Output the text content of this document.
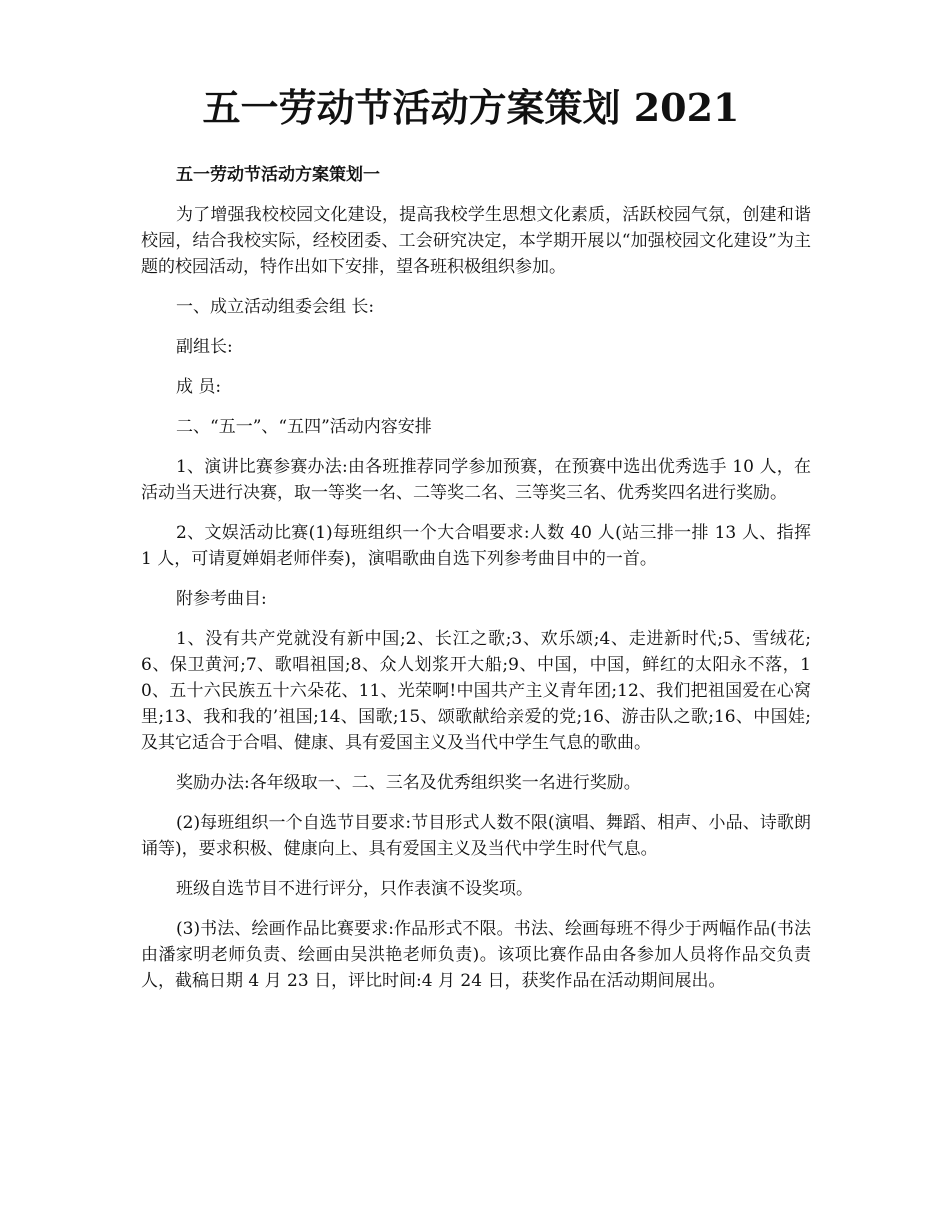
五一劳动节活动方案策划 2021

五一劳动节活动方案策划一

为了增强我校校园文化建设，提高我校学生思想文化素质，活跃校园气氛，创建和谐校园，结合我校实际，经校团委、工会研究决定，本学期开展以“加强校园文化建设”为主题的校园活动，特作出如下安排，望各班积极组织参加。

一、成立活动组委会组 长:

副组长:

成 员:

二、“五一”、“五四”活动内容安排

1、演讲比赛参赛办法:由各班推荐同学参加预赛，在预赛中选出优秀选手 10 人，在活动当天进行决赛，取一等奖一名、二等奖二名、三等奖三名、优秀奖四名进行奖励。

2、文娱活动比赛(1)每班组织一个大合唱要求:人数 40 人(站三排一排 13 人、指挥 1 人，可请夏婵娟老师伴奏)，演唱歌曲自选下列参考曲目中的一首。

附参考曲目:

1、没有共产党就没有新中国;2、长江之歌;3、欢乐颂;4、走进新时代;5、雪绒花;6、保卫黄河;7、歌唱祖国;8、众人划浆开大船;9、中国，中国，鲜红的太阳永不落，10、五十六民族五十六朵花、11、光荣啊!中国共产主义青年团;12、我们把祖国爱在心窝里;13、我和我的’祖国;14、国歌;15、颂歌献给亲爱的党;16、游击队之歌;16、中国娃;及其它适合于合唱、健康、具有爱国主义及当代中学生气息的歌曲。

奖励办法:各年级取一、二、三名及优秀组织奖一名进行奖励。

(2)每班组织一个自选节目要求:节目形式人数不限(演唱、舞蹈、相声、小品、诗歌朗诵等)，要求积极、健康向上、具有爱国主义及当代中学生时代气息。

班级自选节目不进行评分，只作表演不设奖项。

(3)书法、绘画作品比赛要求:作品形式不限。书法、绘画每班不得少于两幅作品(书法由潘家明老师负责、绘画由吴洪艳老师负责)。该项比赛作品由各参加人员将作品交负责人，截稿日期 4 月 23 日，评比时间:4 月 24 日，获奖作品在活动期间展出。
